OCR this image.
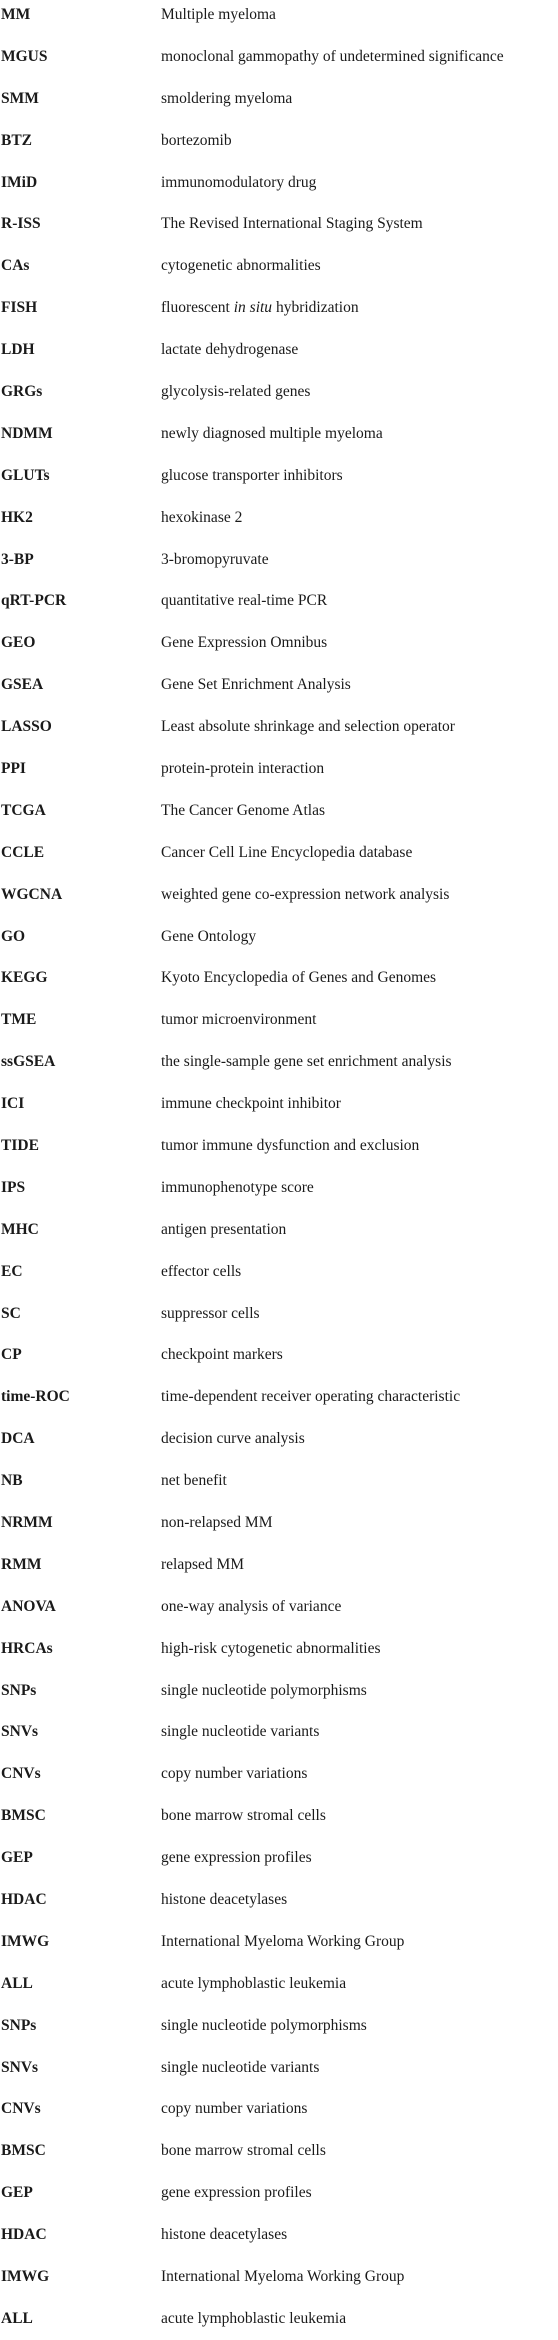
MM	Multiple myeloma
MGUS	monoclonal gammopathy of undetermined significance
SMM	smoldering myeloma
BTZ	bortezomib
IMiD	immunomodulatory drug
R-ISS	The Revised International Staging System
CAs	cytogenetic abnormalities
FISH	fluorescent in situ hybridization
LDH	lactate dehydrogenase
GRGs	glycolysis-related genes
NDMM	newly diagnosed multiple myeloma
GLUTs	glucose transporter inhibitors
HK2	hexokinase 2
3-BP	3-bromopyruvate
qRT-PCR	quantitative real-time PCR
GEO	Gene Expression Omnibus
GSEA	Gene Set Enrichment Analysis
LASSO	Least absolute shrinkage and selection operator
PPI	protein-protein interaction
TCGA	The Cancer Genome Atlas
CCLE	Cancer Cell Line Encyclopedia database
WGCNA	weighted gene co-expression network analysis
GO	Gene Ontology
KEGG	Kyoto Encyclopedia of Genes and Genomes
TME	tumor microenvironment
ssGSEA	the single-sample gene set enrichment analysis
ICI	immune checkpoint inhibitor
TIDE	tumor immune dysfunction and exclusion
IPS	immunophenotype score
MHC	antigen presentation
EC	effector cells
SC	suppressor cells
CP	checkpoint markers
time-ROC	time-dependent receiver operating characteristic
DCA	decision curve analysis
NB	net benefit
NRMM	non-relapsed MM
RMM	relapsed MM
ANOVA	one-way analysis of variance
HRCAs	high-risk cytogenetic abnormalities
SNPs	single nucleotide polymorphisms
SNVs	single nucleotide variants
CNVs	copy number variations
BMSC	bone marrow stromal cells
GEP	gene expression profiles
HDAC	histone deacetylases
IMWG	International Myeloma Working Group
ALL	acute lymphoblastic leukemia
SNPs	single nucleotide polymorphisms
SNVs	single nucleotide variants
CNVs	copy number variations
BMSC	bone marrow stromal cells
GEP	gene expression profiles
HDAC	histone deacetylases
IMWG	International Myeloma Working Group
ALL	acute lymphoblastic leukemia
